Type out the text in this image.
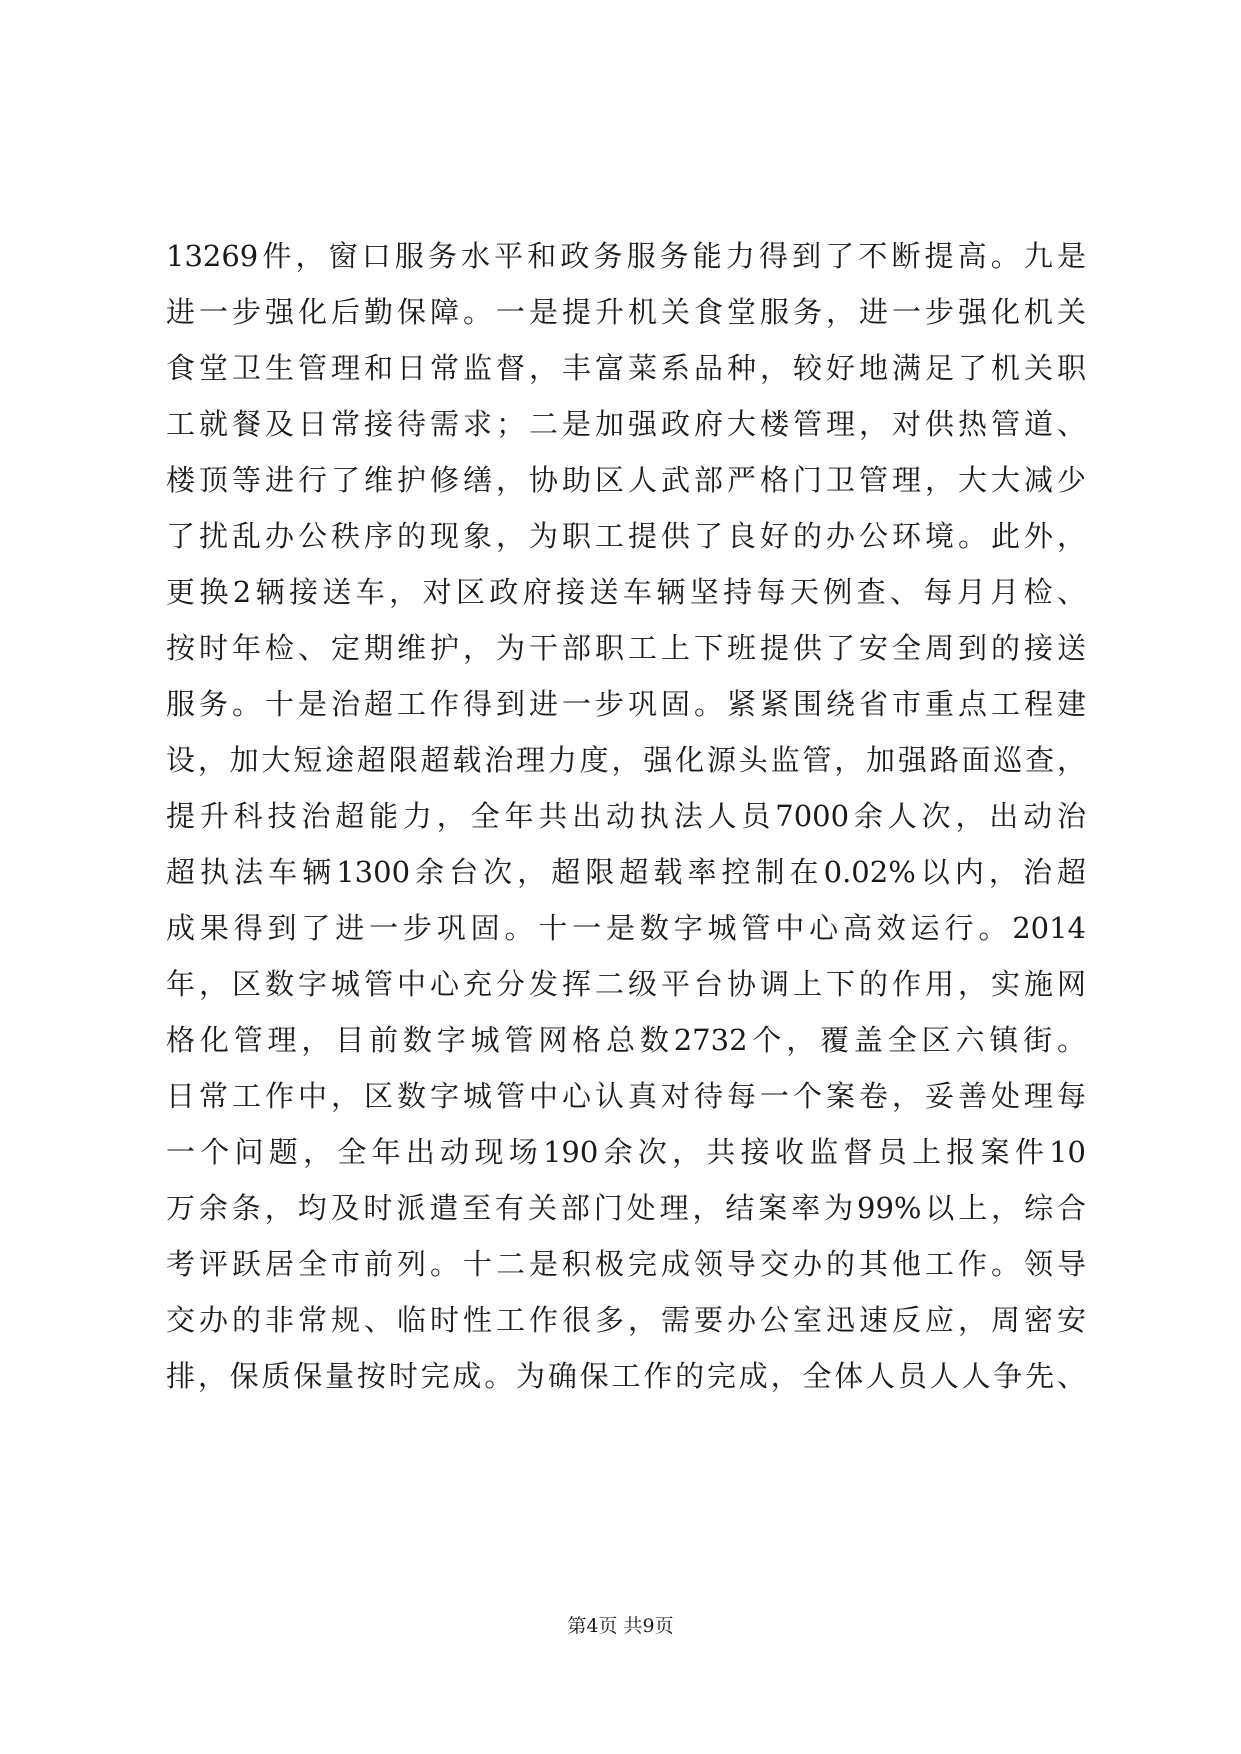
13269件，窗口服务水平和政务服务能力得到了不断提高。九是
进一步强化后勤保障。一是提升机关食堂服务，进一步强化机关
食堂卫生管理和日常监督，丰富菜系品种，较好地满足了机关职
工就餐及日常接待需求；二是加强政府大楼管理，对供热管道、
楼顶等进行了维护修缮，协助区人武部严格门卫管理，大大减少
了扰乱办公秩序的现象，为职工提供了良好的办公环境。此外，
更换2辆接送车，对区政府接送车辆坚持每天例查、每月月检、
按时年检、定期维护，为干部职工上下班提供了安全周到的接送
服务。十是治超工作得到进一步巩固。紧紧围绕省市重点工程建
设，加大短途超限超载治理力度，强化源头监管，加强路面巡查，
提升科技治超能力，全年共出动执法人员7000余人次，出动治
超执法车辆1300余台次，超限超载率控制在0.02%以内，治超
成果得到了进一步巩固。十一是数字城管中心高效运行。2014
年，区数字城管中心充分发挥二级平台协调上下的作用，实施网
格化管理，目前数字城管网格总数2732个，覆盖全区六镇街。
日常工作中，区数字城管中心认真对待每一个案卷，妥善处理每
一个问题，全年出动现场190余次，共接收监督员上报案件10
万余条，均及时派遣至有关部门处理，结案率为99%以上，综合
考评跃居全市前列。十二是积极完成领导交办的其他工作。领导
交办的非常规、临时性工作很多，需要办公室迅速反应，周密安
排，保质保量按时完成。为确保工作的完成，全体人员人人争先、
第4页 共9页
